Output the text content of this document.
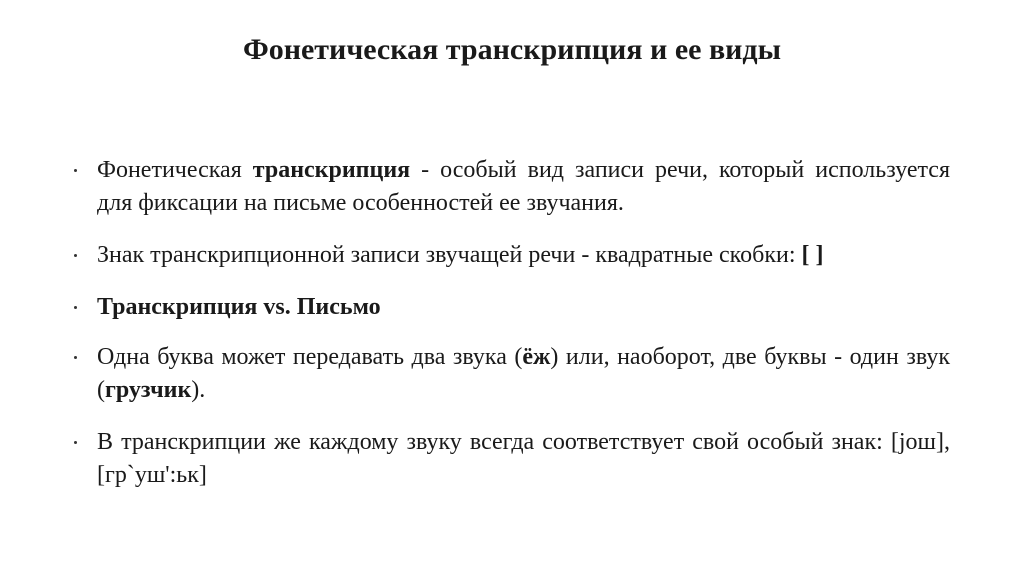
Фонетическая транскрипция и ее виды
Фонетическая транскрипция - особый вид записи речи, который используется для фиксации на письме особенностей ее звучания.
Знак транскрипционной записи звучащей речи - квадратные скобки: [ ]
Транскрипция vs. Письмо
Одна буква может передавать два звука (ёж) или, наоборот, две буквы - один звук (грузчик).
В транскрипции же каждому звуку всегда соответствует свой особый знак: [jош], [гр`уш':ьк]
